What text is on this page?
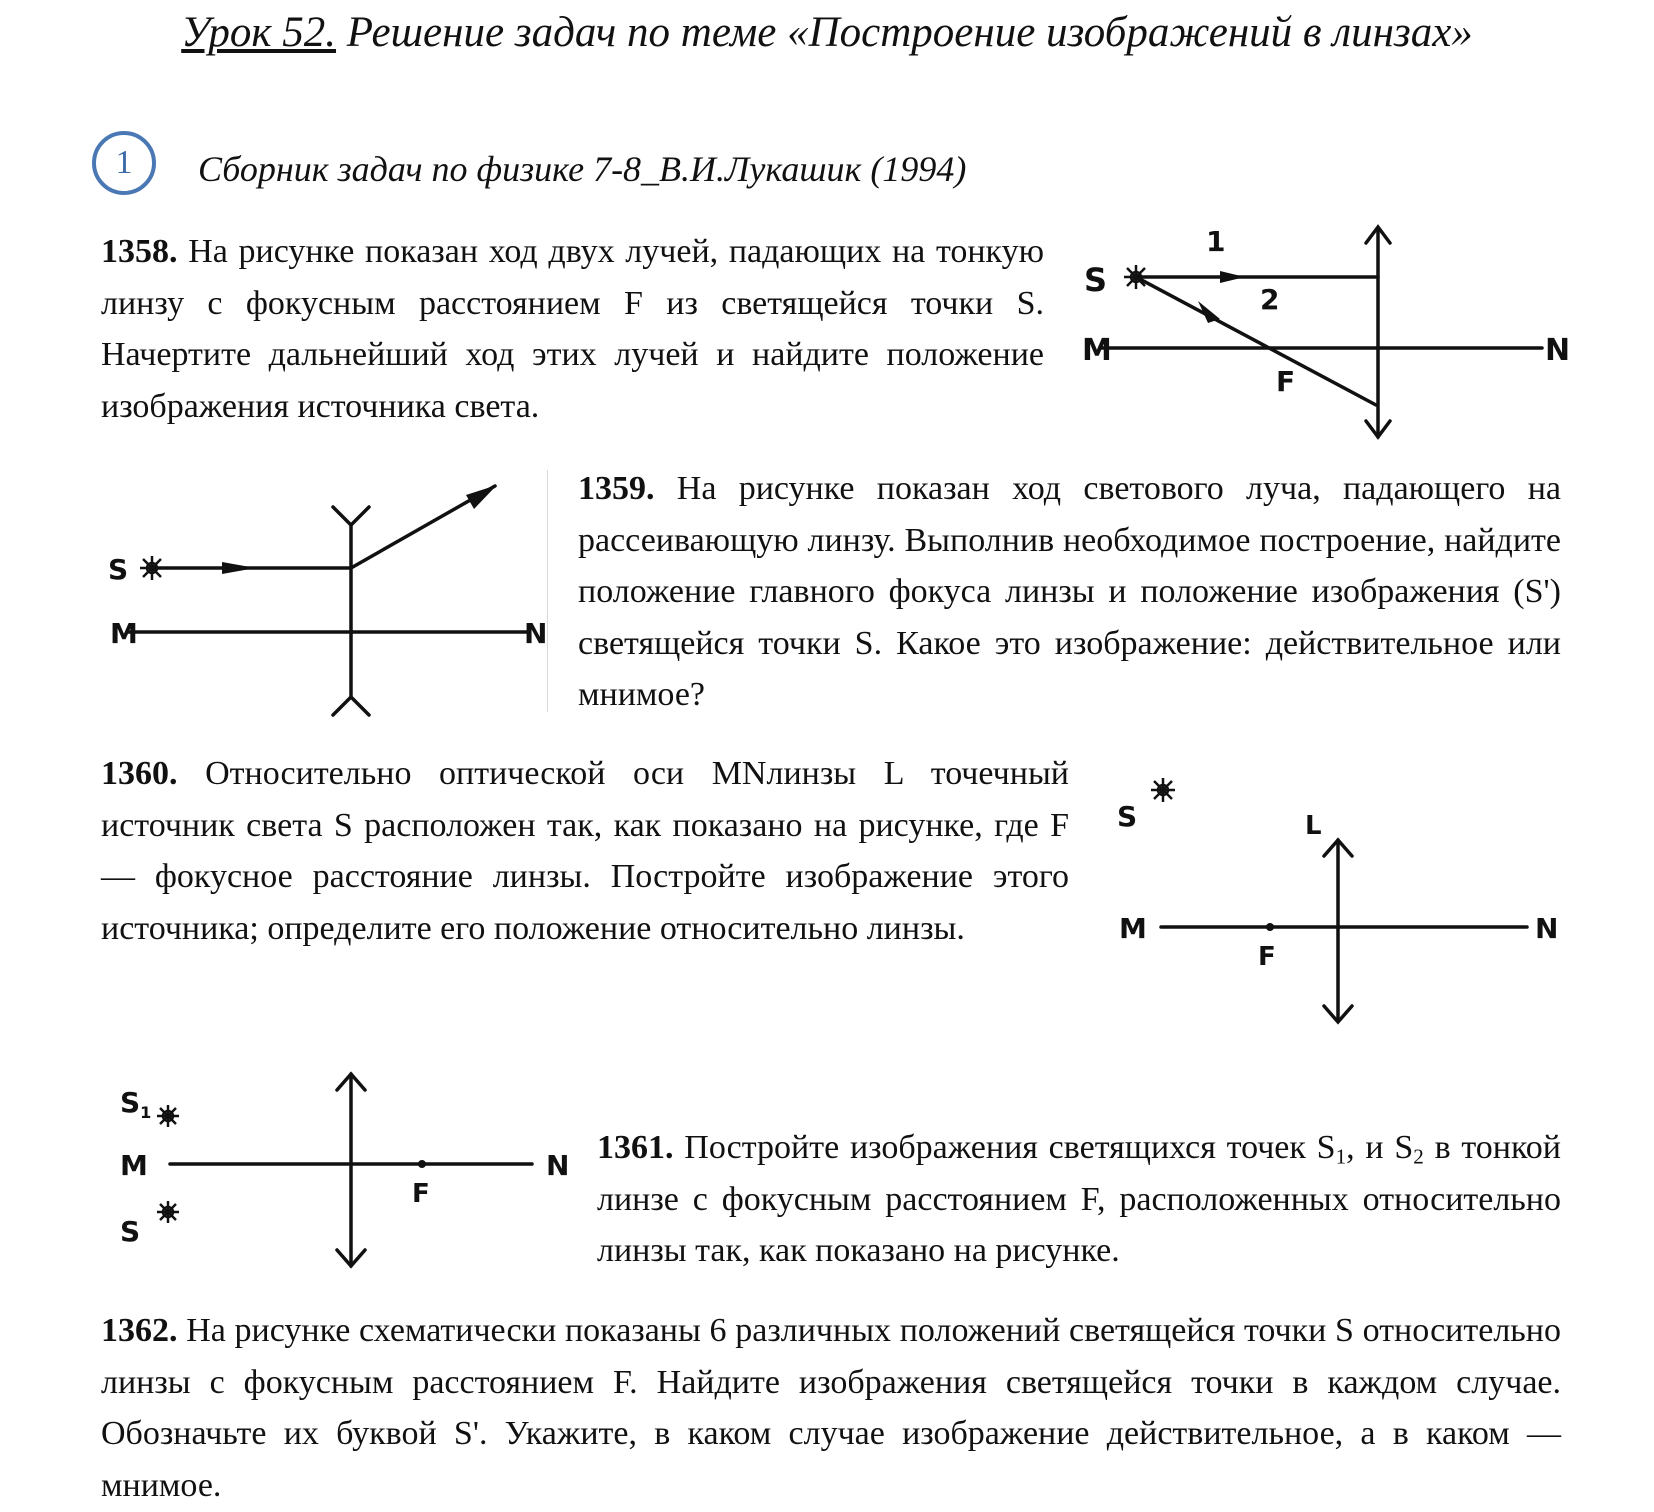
Урок 52. Решение задач по теме «Построение изображений в линзах»
1	Сборник задач по физике 7-8_В.И.Лукашик (1994)
1358. На рисунке показан ход двух лучей, падающих на тонкую линзу с фокусным расстоянием F из светящейся точки S. Начертите дальнейший ход этих лучей и найдите положение изображения источника света.
S
M	N
F
1
2
S
M	N
1359. На рисунке показан ход светового луча, падающего на рассеивающую линзу. Выполнив необходимое построение, найдите положение главного фокуса линзы и положение изображения (S') светящейся точки S. Какое это изображение: действительное или мнимое?
1360. Относительно оптической оси MNлинзы L точечный источник света S расположен так, как показано на рисунке, где F — фокусное расстояние линзы. Постройте изображение этого источника; определите его положение относительно линзы.
S	L
M	N
F
$S_1$
M
S
N
F
1361. Постройте изображения светящихся точек $S_1$, и $S_2$ в тонкой линзе с фокусным расстоянием F, расположенных относительно линзы так, как показано на рисунке.
1362. На рисунке схематически показаны 6 различных положений светящейся точки S относительно линзы с фокусным расстоянием F. Найдите изображения светящейся точки в каждом случае. Обозначьте их буквой S'. Укажите, в каком случае изображение действительное, а в каком — мнимое.
